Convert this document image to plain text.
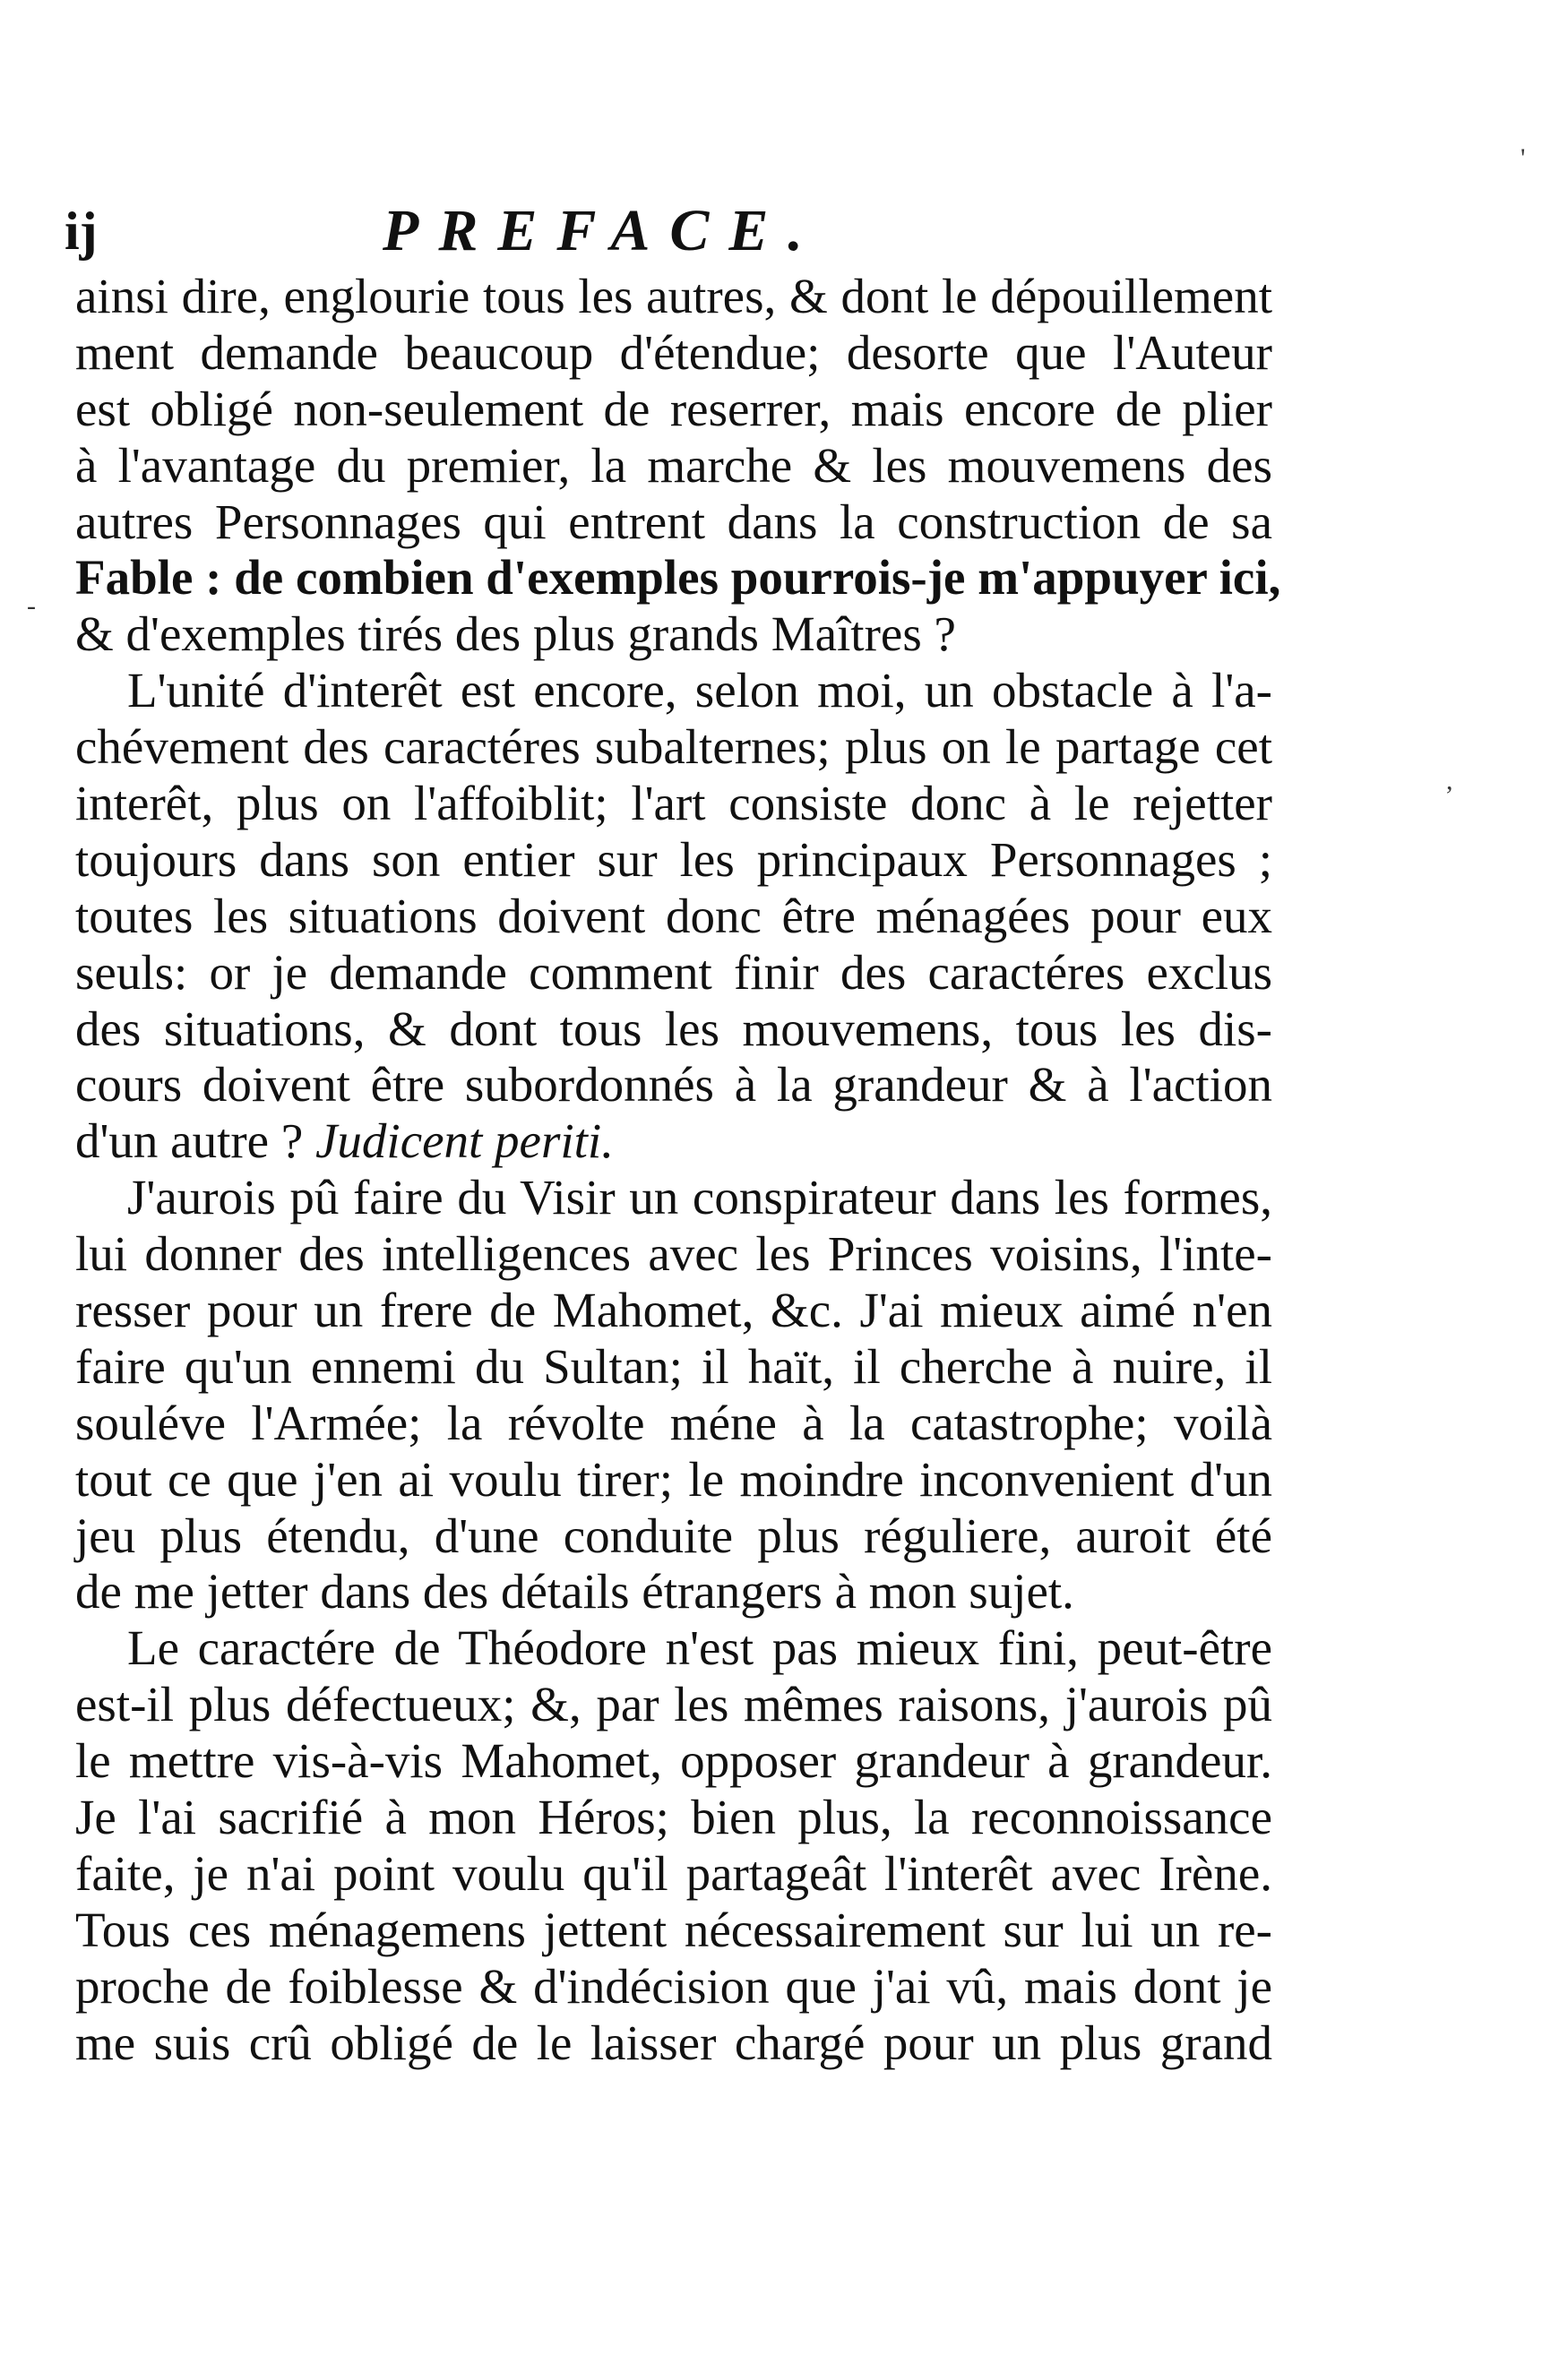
ij	PREFACE.
ainsi dire, englourie tous les autres, & dont le dépouillement
ment demande beaucoup d'étendue; desorte que l'Auteur
est obligé non-seulement de reserrer, mais encore de plier
à l'avantage du premier, la marche & les mouvemens des
autres Personnages qui entrent dans la construction de sa
Fable : de combien d'exemples pourrois-je m'appuyer ici,
& d'exemples tirés des plus grands Maîtres ?
L'unité d'interêt est encore, selon moi, un obstacle à l'a-
chévement des caractéres subalternes; plus on le partage cet
interêt, plus on l'affoiblit; l'art consiste donc à le rejetter
toujours dans son entier sur les principaux Personnages ;
toutes les situations doivent donc être ménagées pour eux
seuls: or je demande comment finir des caractéres exclus
des situations, & dont tous les mouvemens, tous les dis-
cours doivent être subordonnés à la grandeur & à l'action
d'un autre ? Judicent periti.
J'aurois pû faire du Visir un conspirateur dans les formes,
lui donner des intelligences avec les Princes voisins, l'inte-
resser pour un frere de Mahomet, &c. J'ai mieux aimé n'en
faire qu'un ennemi du Sultan; il haït, il cherche à nuire, il
souléve l'Armée; la révolte méne à la catastrophe; voilà
tout ce que j'en ai voulu tirer; le moindre inconvenient d'un
jeu plus étendu, d'une conduite plus réguliere, auroit été
de me jetter dans des détails étrangers à mon sujet.
Le caractére de Théodore n'est pas mieux fini, peut-être
est-il plus défectueux; &, par les mêmes raisons, j'aurois pû
le mettre vis-à-vis Mahomet, opposer grandeur à grandeur.
Je l'ai sacrifié à mon Héros; bien plus, la reconnoissance
faite, je n'ai point voulu qu'il partageât l'interêt avec Irène.
Tous ces ménagemens jettent nécessairement sur lui un re-
proche de foiblesse & d'indécision que j'ai vû, mais dont je
me suis crû obligé de le laisser chargé pour un plus grand
'
,
-
